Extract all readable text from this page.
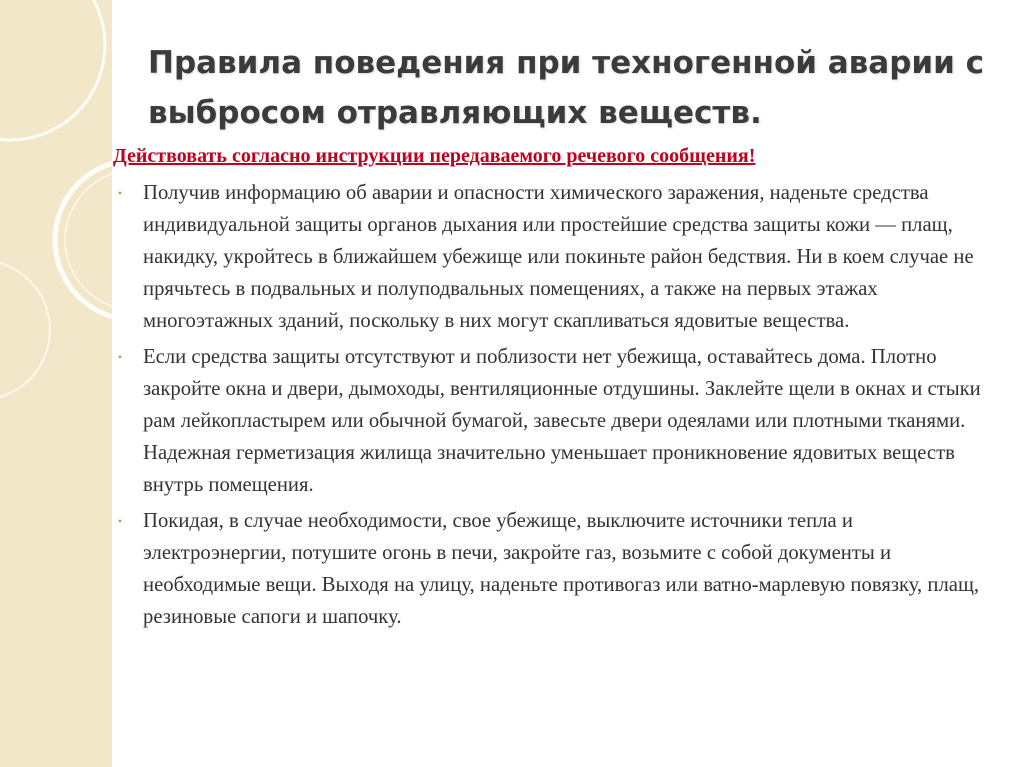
Правила поведения при техногенной аварии с выбросом отравляющих веществ.

Действовать согласно инструкции передаваемого речевого сообщения!

• Получив информацию об аварии и опасности химического заражения, наденьте средства индивидуальной защиты органов дыхания или простейшие средства защиты кожи — плащ, накидку, укройтесь в ближайшем убежище или покиньте район бедствия. Ни в коем случае не прячьтесь в подвальных и полуподвальных помещениях, а также на первых этажах многоэтажных зданий, поскольку в них могут скапливаться ядовитые вещества.
• Если средства защиты отсутствуют и поблизости нет убежища, оставайтесь дома. Плотно закройте окна и двери, дымоходы, вентиляционные отдушины. Заклейте щели в окнах и стыки рам лейкопластырем или обычной бумагой, завесьте двери одеялами или плотными тканями. Надежная герметизация жилища значительно уменьшает проникновение ядовитых веществ внутрь помещения.
• Покидая, в случае необходимости, свое убежище, выключите источники тепла и электроэнергии, потушите огонь в печи, закройте газ, возьмите с собой документы и необходимые вещи. Выходя на улицу, наденьте противогаз или ватно-марлевую повязку, плащ, резиновые сапоги и шапочку.
